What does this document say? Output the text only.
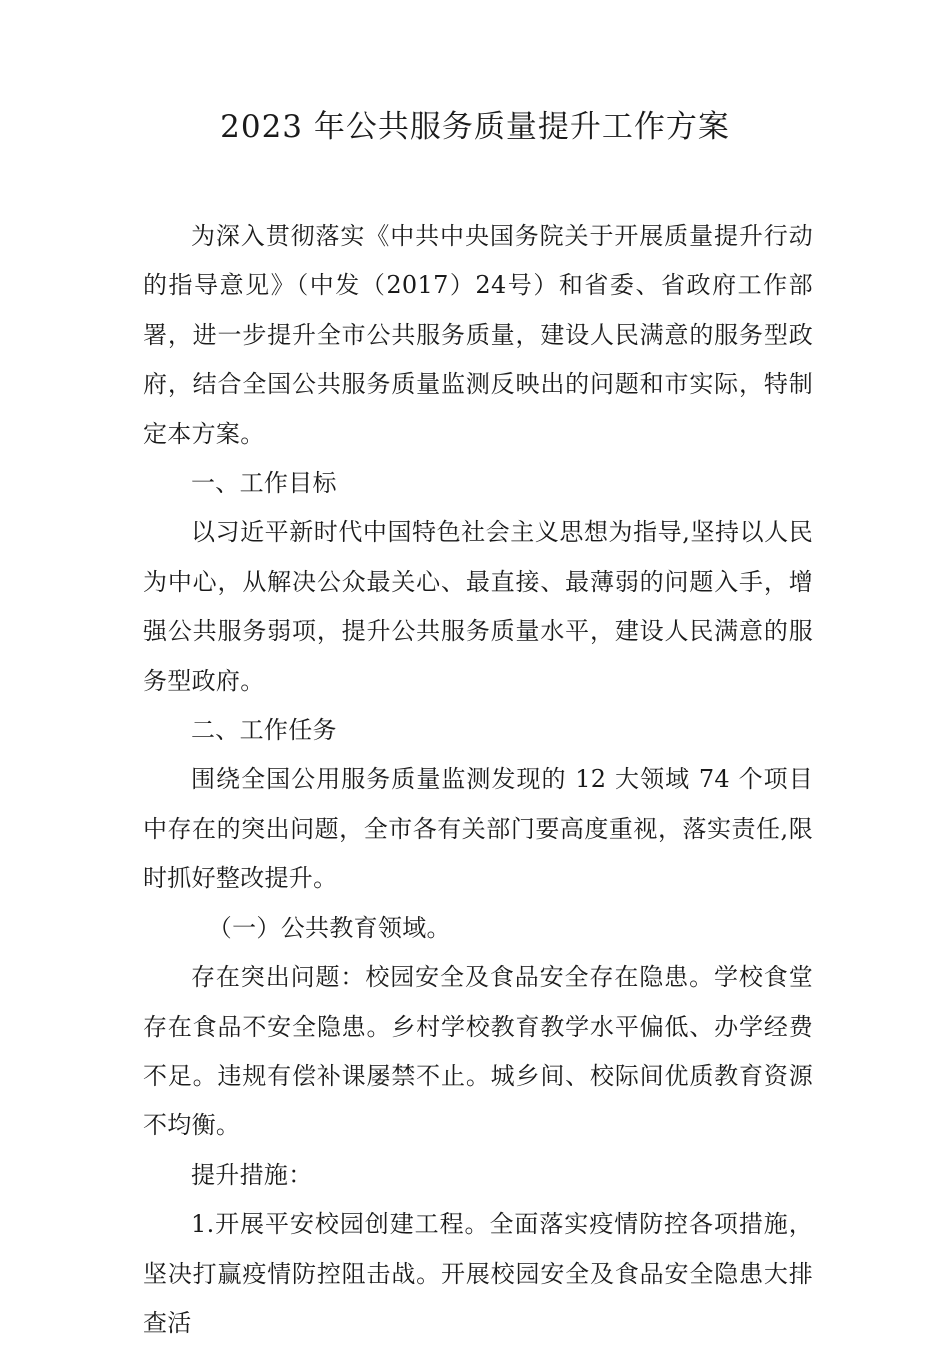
2023 年公共服务质量提升工作方案

为深入贯彻落实《中共中央国务院关于开展质量提升行动的指导意见》（中发（2017）24号）和省委、省政府工作部署，进一步提升全市公共服务质量，建设人民满意的服务型政府，结合全国公共服务质量监测反映出的问题和市实际，特制定本方案。

一、工作目标

以习近平新时代中国特色社会主义思想为指导,坚持以人民为中心，从解决公众最关心、最直接、最薄弱的问题入手，增强公共服务弱项，提升公共服务质量水平，建设人民满意的服务型政府。

二、工作任务

围绕全国公用服务质量监测发现的 12 大领域 74 个项目中存在的突出问题，全市各有关部门要高度重视，落实责任,限时抓好整改提升。

（一）公共教育领域。

存在突出问题：校园安全及食品安全存在隐患。学校食堂存在食品不安全隐患。乡村学校教育教学水平偏低、办学经费不足。违规有偿补课屡禁不止。城乡间、校际间优质教育资源不均衡。

提升措施：

1.开展平安校园创建工程。全面落实疫情防控各项措施，坚决打赢疫情防控阻击战。开展校园安全及食品安全隐患大排查活
